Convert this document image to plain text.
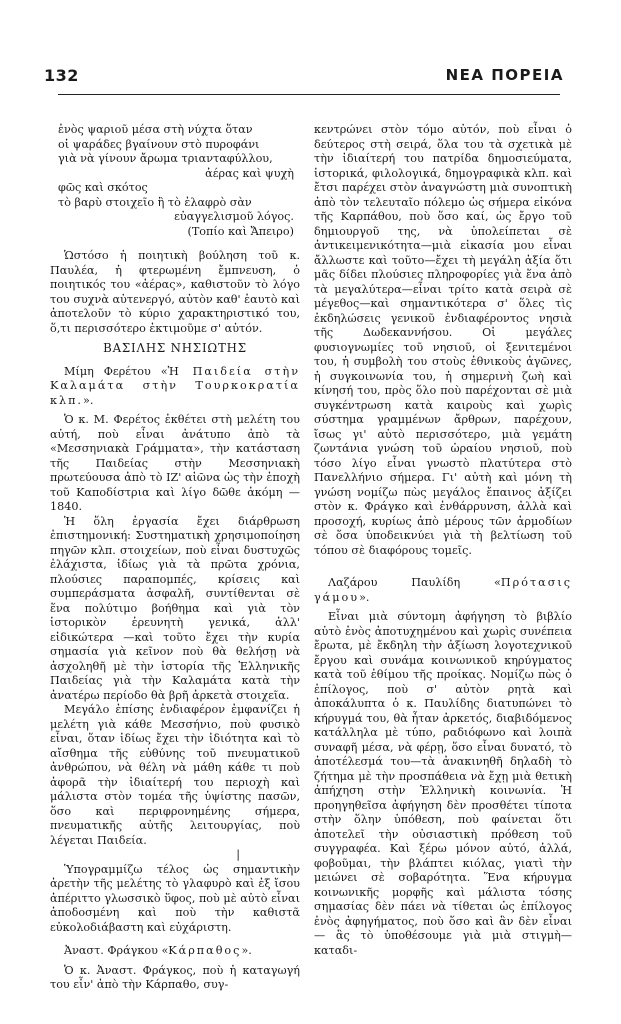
132	ΝΕΑ ΠΟΡΕΙΑ
ἑνὸς ψαριοῦ μέσα στὴ νύχτα ὅταν
οἱ ψαράδες βγαίνουν στὸ πυροφάνι
γιὰ νὰ γίνουν ἄρωμα τριανταφύλλου,
ἀέρας καὶ ψυχὴ
φῶς καὶ σκότος
τὸ βαρὺ στοιχεῖο ἢ τὸ ἐλαφρὸ σὰν
εὐαγγελισμοῦ λόγος.
(Τοπίο καὶ Ἄπειρο)

Ὡστόσο ἡ ποιητικὴ βούληση τοῦ κ. Παυλέα, ἡ φτερωμένη ἔμπνευση, ὁ ποιητικός του «ἀέρας», καθιστοῦν τὸ λόγο του συχνὰ αὐτενεργό, αὐτὸν καθ' ἑαυτὸ καὶ ἀποτελοῦν τὸ κύριο χαρακτηριστικό του, ὅ,τι περισσότερο ἐκτιμοῦμε σ' αὐτόν.

ΒΑΣΙΛΗΣ ΝΗΣΙΩΤΗΣ

Μίμη Φερέτου «Ἡ Παιδεία στὴν Καλαμάτα στὴν Τουρκοκρατία κλπ.».

Ὁ κ. Μ. Φερέτος ἐκθέτει στὴ μελέτη του αὐτή, ποὺ εἶναι ἀνάτυπο ἀπὸ τὰ «Μεσσηνιακὰ Γράμματα», τὴν κατάσταση τῆς Παιδείας στὴν Μεσσηνιακὴ πρωτεύουσα ἀπὸ τὸ ΙΖ' αἰῶνα ὡς τὴν ἐποχὴ τοῦ Καποδίστρια καὶ λίγο δῶθε ἀκόμη —1840.

Ἡ ὅλη ἐργασία ἔχει διάρθρωση ἐπιστημονική: Συστηματικὴ χρησιμοποίηση πηγῶν κλπ. στοιχείων, ποὺ εἶναι δυστυχῶς ἐλάχιστα, ἰδίως γιὰ τὰ πρῶτα χρόνια, πλούσιες παραπομπές, κρίσεις καὶ συμπεράσματα ἀσφαλῆ, συντίθενται σὲ ἕνα πολύτιμο βοήθημα καὶ γιὰ τὸν ἱστορικὸν ἐρευνητὴ γενικά, ἀλλ' εἰδικώτερα —καὶ τοῦτο ἔχει τὴν κυρία σημασία γιὰ κεῖνον ποὺ θὰ θελήσῃ νὰ ἀσχοληθῆ μὲ τὴν ἱστορία τῆς Ἑλληνικῆς Παιδείας γιὰ τὴν Καλαμάτα κατὰ τὴν ἀνατέρω περίοδο θὰ βρῆ ἀρκετὰ στοιχεῖα.

Μεγάλο ἐπίσης ἐνδιαφέρον ἐμφανίζει ἡ μελέτη γιὰ κάθε Μεσσήνιο, ποὺ φυσικὸ εἶναι, ὅταν ἰδίως ἔχει τὴν ἰδιότητα καὶ τὸ αἴσθημα τῆς εὐθύνης τοῦ πνευματικοῦ ἀνθρώπου, νὰ θέλη νὰ μάθη κάθε τι ποὺ ἀφορᾶ τὴν ἰδιαίτερή του περιοχὴ καὶ μάλιστα στὸν τομέα τῆς ὑψίστης πασῶν, ὅσο καὶ περιφρονημένης σήμερα, πνευματικῆς αὐτῆς λειτουργίας, ποὺ λέγεται Παιδεία.

|

Ὑπογραμμίζω τέλος ὡς σημαντικὴν ἀρετὴν τῆς μελέτης τὸ γλαφυρὸ καὶ ἐξ ἴσου ἀπέριττο γλωσσικὸ ὕφος, ποὺ μὲ αὐτὸ εἶναι ἀποδοσμένη καὶ ποὺ τὴν καθιστᾶ εὐκολοδιάβαστη καὶ εὐχάριστη.

Ἀναστ. Φράγκου «Κάρπαθος».

Ὁ κ. Ἀναστ. Φράγκος, ποὺ ἡ καταγωγή του εἶν' ἀπὸ τὴν Κάρπαθο, συγ-

κεντρώνει στὸν τόμο αὐτόν, ποὺ εἶναι ὁ δεύτερος στὴ σειρά, ὅλα του τὰ σχετικὰ μὲ τὴν ἰδιαίτερή του πατρίδα δημοσιεύματα, ἱστορικά, φιλολογικά, δημογραφικὰ κλπ. καὶ ἔτσι παρέχει στὸν ἀναγνώστη μιὰ συνοπτικὴ ἀπὸ τὸν τελευταῖο πόλεμο ὡς σήμερα εἰκόνα τῆς Καρπάθου, ποὺ ὅσο καί, ὡς ἔργο τοῦ δημιουργοῦ της, νὰ ὑπολείπεται σὲ ἀντικειμενικότητα—μιὰ εἰκασία μου εἶναι ἄλλωστε καὶ τοῦτο—ἔχει τὴ μεγάλη ἀξία ὅτι μᾶς δίδει πλούσιες πληροφορίες γιὰ ἕνα ἀπὸ τὰ μεγαλύτερα—εἶναι τρίτο κατὰ σειρὰ σὲ μέγεθος—καὶ σημαντικότερα σ' ὅλες τὶς ἐκδηλώσεις γενικοῦ ἐνδιαφέροντος νησιὰ τῆς Δωδεκαννήσου. Οἱ μεγάλες φυσιογνωμίες τοῦ νησιοῦ, οἱ ξενιτεμένοι του, ἡ συμβολὴ του στοὺς ἐθνικοὺς ἀγῶνες, ἡ συγκοινωνία του, ἡ σημερινὴ ζωὴ καὶ κίνησή του, πρὸς ὅλο ποὺ παρέχονται σὲ μιὰ συγκέντρωση κατὰ καιροὺς καὶ χωρὶς σύστημα γραμμένων ἄρθρων, παρέχουν, ἴσως γι' αὐτὸ περισσότερο, μιὰ γεμάτη ζωντάνια γνώση τοῦ ὡραίου νησιοῦ, ποὺ τόσο λίγο εἶναι γνωστὸ πλατύτερα στὸ Πανελλήνιο σήμερα. Γι' αὐτὴ καὶ μόνη τὴ γνώση νομίζω πὼς μεγάλος ἔπαινος ἀξίζει στὸν κ. Φράγκο καὶ ἐνθάρρυνση, ἀλλὰ καὶ προσοχή, κυρίως ἀπὸ μέρους τῶν ἁρμοδίων σὲ ὅσα ὑποδεικνύει γιὰ τὴ βελτίωση τοῦ τόπου σὲ διαφόρους τομεῖς.

Λαζάρου Παυλίδη «Πρότασις γάμου».

Εἶναι μιὰ σύντομη ἀφήγηση τὸ βιβλίο αὐτὸ ἑνὸς ἀποτυχημένου καὶ χωρὶς συνέπεια ἔρωτα, μὲ ἔκδηλη τὴν ἀξίωση λογοτεχνικοῦ ἔργου καὶ συνάμα κοινωνικοῦ κηρύγματος κατὰ τοῦ ἐθίμου τῆς προίκας. Νομίζω πὼς ὁ ἐπίλογος, ποὺ σ' αὐτὸν ρητὰ καὶ ἀποκάλυπτα ὁ κ. Παυλίδης διατυπώνει τὸ κήρυγμά του, θὰ ἦταν ἀρκετός, διαβιδόμενος κατάλληλα μὲ τύπο, ραδιόφωνο καὶ λοιπὰ συναφῆ μέσα, νὰ φέρῃ, ὅσο εἶναι δυνατό, τὸ ἀποτέλεσμά του—τὰ ἀνακινηθῆ δηλαδὴ τὸ ζήτημα μὲ τὴν προσπάθεια νὰ ἔχῃ μιὰ θετικὴ ἀπήχηση στὴν Ἑλληνικὴ κοινωνία. Ἡ προηγηθεῖσα ἀφήγηση δὲν προσθέτει τίποτα στὴν ὅλην ὑπόθεση, ποὺ φαίνεται ὅτι ἀποτελεῖ τὴν οὐσιαστικὴ πρόθεση τοῦ συγγραφέα. Καὶ ξέρω μόνον αὐτό, ἀλλά, φοβοῦμαι, τὴν βλάπτει κιόλας, γιατὶ τὴν μειώνει σὲ σοβαρότητα. Ἕνα κήρυγμα κοινωνικῆς μορφῆς καὶ μάλιστα τόσης σημασίας δὲν πάει νὰ τίθεται ὡς ἐπίλογος ἑνὸς ἀφηγήματος, ποὺ ὅσο καὶ ἂν δὲν εἶναι — ἂς τὸ ὑποθέσουμε γιὰ μιὰ στιγμὴ—καταδι-
